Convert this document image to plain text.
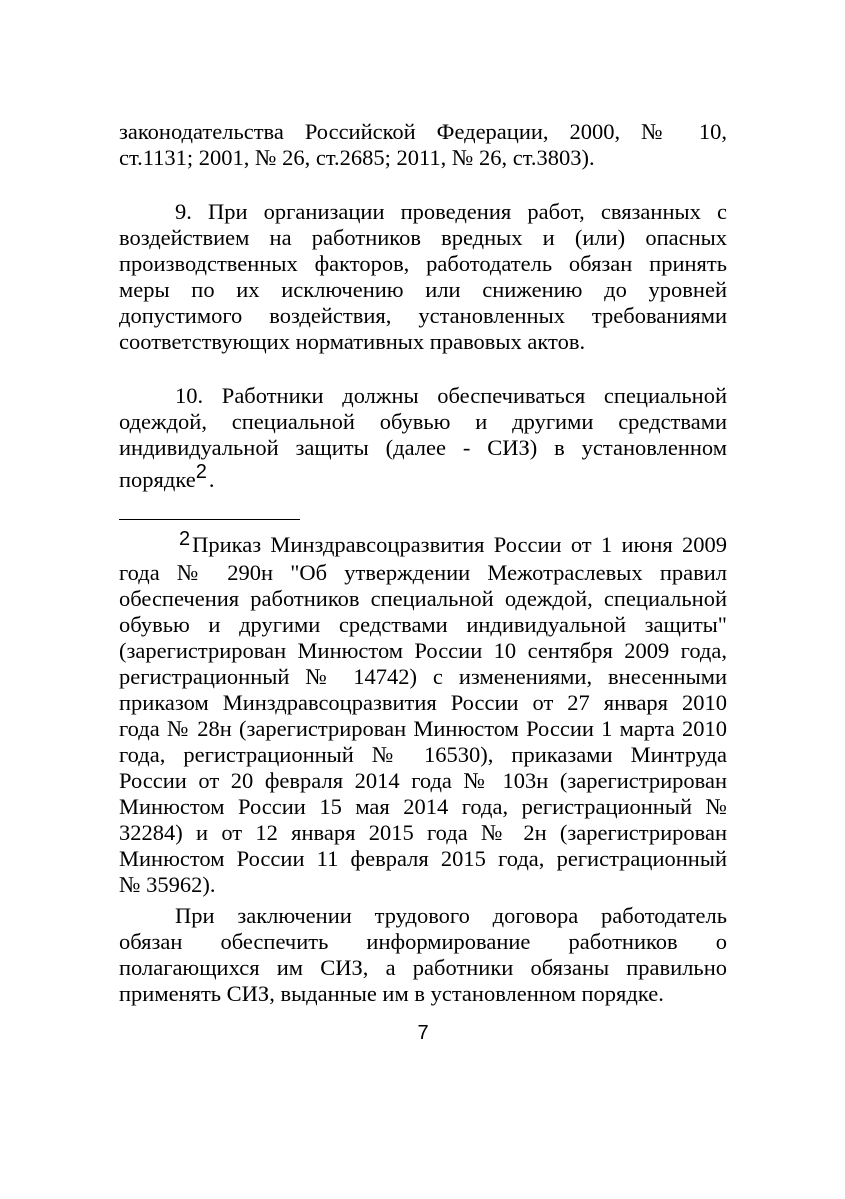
законодательства Российской Федерации, 2000, № 10,
ст.1131; 2001, № 26, ст.2685; 2011, № 26, ст.3803).
9. При организации проведения работ, связанных с
воздействием на работников вредных и (или) опасных
производственных факторов, работодатель обязан принять
меры по их исключению или снижению до уровней
допустимого воздействия, установленных требованиями
соответствующих нормативных правовых актов.
10. Работники должны обеспечиваться специальной
одеждой, специальной обувью и другими средствами
индивидуальной защиты (далее - СИЗ) в установленном
порядке2.
2Приказ Минздравсоцразвития России от 1 июня 2009
года № 290н "Об утверждении Межотраслевых правил
обеспечения работников специальной одеждой, специальной
обувью и другими средствами индивидуальной защиты"
(зарегистрирован Минюстом России 10 сентября 2009 года,
регистрационный № 14742) с изменениями, внесенными
приказом Минздравсоцразвития России от 27 января 2010
года № 28н (зарегистрирован Минюстом России 1 марта 2010
года, регистрационный № 16530), приказами Минтруда
России от 20 февраля 2014 года № 103н (зарегистрирован
Минюстом России 15 мая 2014 года, регистрационный №
32284) и от 12 января 2015 года № 2н (зарегистрирован
Минюстом России 11 февраля 2015 года, регистрационный
№ 35962).
При заключении трудового договора работодатель
обязан обеспечить информирование работников о
полагающихся им СИЗ, а работники обязаны правильно
применять СИЗ, выданные им в установленном порядке.
7
